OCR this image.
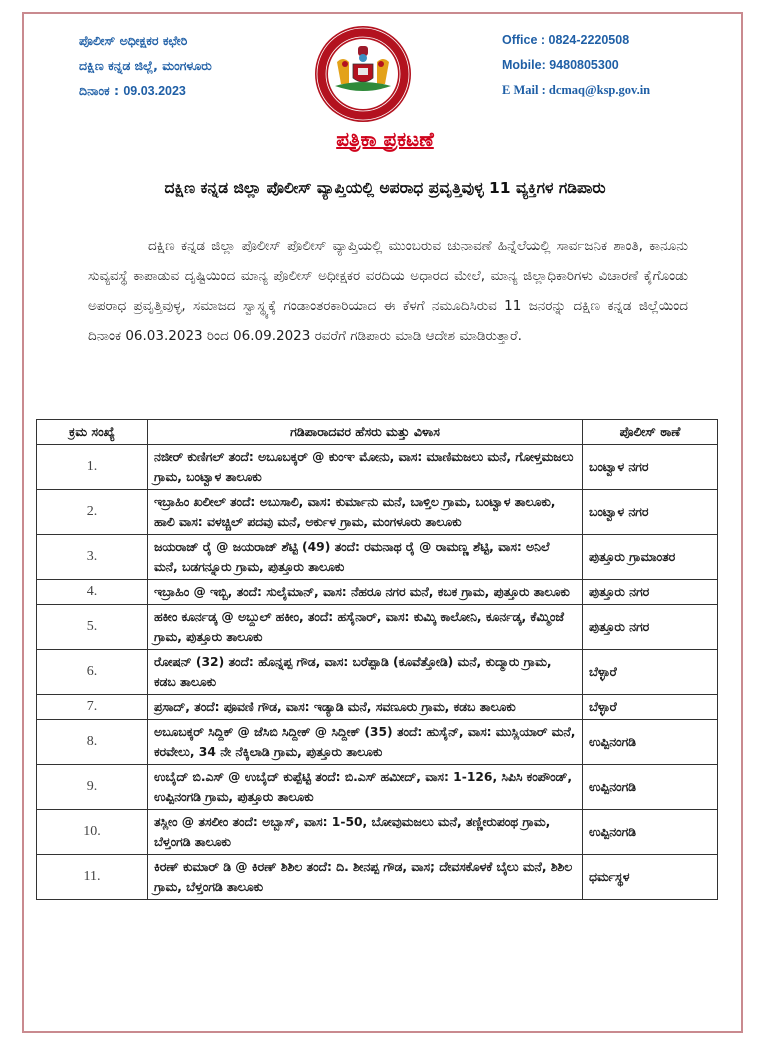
ಪೊಲೀಸ್ ಅಧೀಕ್ಷಕರ ಕಛೇರಿ
ದಕ್ಷಿಣ ಕನ್ನಡ ಜಿಲ್ಲೆ, ಮಂಗಳೂರು
ದಿನಾಂಕ : 09.03.2023
Office : 0824-2220508
Mobile: 9480805300
E Mail : dcmaq@ksp.gov.in
ಪತ್ರಿಕಾ ಪ್ರಕಟಣೆ
ದಕ್ಷಿಣ ಕನ್ನಡ ಜಿಲ್ಲಾ ಪೊಲೀಸ್ ವ್ಯಾಪ್ತಿಯಲ್ಲಿ ಅಪರಾಧ ಪ್ರವೃತ್ತಿವುಳ್ಳ 11 ವ್ಯಕ್ತಿಗಳ ಗಡಿಪಾರು
ದಕ್ಷಿಣ ಕನ್ನಡ ಜಿಲ್ಲಾ ಪೊಲೀಸ್ ಪೊಲೀಸ್ ವ್ಯಾಪ್ತಿಯಲ್ಲಿ ಮುಂಬರುವ ಚುನಾವಣೆ ಹಿನ್ನೆಲೆಯಲ್ಲಿ ಸಾರ್ವಜನಿಕ ಶಾಂತಿ, ಕಾನೂನು ಸುವ್ಯವಸ್ಥೆ ಕಾಪಾಡುವ ದೃಷ್ಟಿಯಿಂದ ಮಾನ್ಯ ಪೊಲೀಸ್ ಅಧೀಕ್ಷಕರ ವರದಿಯ ಅಧಾರದ ಮೇಲೆ, ಮಾನ್ಯ ಜಿಲ್ಲಾಧಿಕಾರಿಗಳು ವಿಚಾರಣೆ ಕೈಗೊಂಡು ಅಪರಾಧ ಪ್ರವೃತ್ತಿವುಳ್ಳ, ಸಮಾಜದ ಸ್ವಾಸ್ಥ್ಯಕ್ಕೆ ಗಂಡಾಂತರಕಾರಿಯಾದ ಈ ಕೆಳಗೆ ನಮೂದಿಸಿರುವ 11 ಜನರನ್ನು ದಕ್ಷಿಣ ಕನ್ನಡ ಜಿಲ್ಲೆಯಿಂದ ದಿನಾಂಕ 06.03.2023 ರಿಂದ 06.09.2023 ರವರೆಗೆ ಗಡಿಪಾರು ಮಾಡಿ ಆದೇಶ ಮಾಡಿರುತ್ತಾರೆ.
ಕ್ರಮ ಸಂಖ್ಯೆ	ಗಡಿಪಾರಾದವರ ಹೆಸರು ಮತ್ತು ವಿಳಾಸ	ಪೊಲೀಸ್ ಠಾಣೆ
1.	ನಜೀರ್ ಕುಣಿಗಲ್ ತಂದೆ: ಅಬೂಬಕ್ಕರ್ @ ಕುಂಞ ಮೋನು, ವಾಸ: ಮಾಣಿಮಜಲು ಮನೆ, ಗೋಳ್ತಮಜಲು ಗ್ರಾಮ, ಬಂಟ್ವಾಳ ತಾಲೂಕು	ಬಂಟ್ವಾಳ ನಗರ
2.	ಇಬ್ರಾಹಿಂ ಖಲೀಲ್ ತಂದೆ: ಅಬುಸಾಲಿ, ವಾಸ: ಕುರ್ಮಾನು ಮನೆ, ಬಾಳ್ತಿಲ ಗ್ರಾಮ, ಬಂಟ್ವಾಳ ತಾಲೂಕು, ಹಾಲಿ ವಾಸ: ವಳಚ್ಚಿಲ್ ಪದವು ಮನೆ, ಅರ್ಕುಳ ಗ್ರಾಮ, ಮಂಗಳೂರು ತಾಲೂಕು	ಬಂಟ್ವಾಳ ನಗರ
3.	ಜಯರಾಜ್ ರೈ @ ಜಯರಾಜ್ ಶೆಟ್ಟಿ (49) ತಂದೆ: ರಮನಾಥ ರೈ @ ರಾಮಣ್ಣ ಶೆಟ್ಟಿ, ವಾಸ: ಅನಿಲೆ ಮನೆ, ಬಡಗನ್ನೂರು ಗ್ರಾಮ, ಪುತ್ತೂರು ತಾಲೂಕು	ಪುತ್ತೂರು ಗ್ರಾಮಾಂತರ
4.	ಇಬ್ರಾಹಿಂ @ ಇಬ್ಬಿ, ತಂದೆ: ಸುಲೈಮಾನ್, ವಾಸ: ನೆಹರೂ ನಗರ ಮನೆ, ಕಬಕ ಗ್ರಾಮ, ಪುತ್ತೂರು ತಾಲೂಕು	ಪುತ್ತೂರು ನಗರ
5.	ಹಕೀಂ ಕೂರ್ನಡ್ಕ @ ಅಬ್ದುಲ್ ಹಕೀಂ, ತಂದೆ: ಹಸೈನಾರ್, ವಾಸ: ಕುಮ್ಕಿ ಕಾಲೋನಿ, ಕೂರ್ನಡ್ಕ, ಕೆಮ್ಮಿಂಜೆ ಗ್ರಾಮ, ಪುತ್ತೂರು ತಾಲೂಕು	ಪುತ್ತೂರು ನಗರ
6.	ರೋಷನ್ (32) ತಂದೆ: ಹೊನ್ನಪ್ಪ ಗೌಡ, ವಾಸ: ಬರೆಪ್ಪಾಡಿ (ಕೂವೆತ್ತೋಡಿ) ಮನೆ, ಕುದ್ಮಾರು ಗ್ರಾಮ, ಕಡಬ ತಾಲೂಕು	ಬೆಳ್ಳಾರೆ
7.	ಪ್ರಸಾದ್, ತಂದೆ: ಪೂವಣಿ ಗೌಡ, ವಾಸ: ಇಡ್ಯಾಡಿ ಮನೆ, ಸವಣೂರು ಗ್ರಾಮ, ಕಡಬ ತಾಲೂಕು	ಬೆಳ್ಳಾರೆ
8.	ಅಬೂಬಕ್ಕರ್ ಸಿದ್ದಿಕ್ @ ಜೆಸಿಬಿ ಸಿದ್ದೀಕ್ @ ಸಿದ್ದೀಕ್ (35) ತಂದೆ: ಹುಸೈನ್, ವಾಸ: ಮುಸ್ಲಿಯಾರ್ ಮನೆ, ಕರವೇಲು, 34 ನೇ ನೆಕ್ಕಿಲಾಡಿ ಗ್ರಾಮ, ಪುತ್ತೂರು ತಾಲೂಕು	ಉಪ್ಪಿನಂಗಡಿ
9.	ಉಬೈದ್ ಬಿ.ಎಸ್ @ ಉಬೈದ್ ಕುಪ್ಪೆಟ್ಟಿ ತಂದೆ: ಬಿ.ಎಸ್ ಹಮೀದ್, ವಾಸ: 1-126, ಸಿಪಿಸಿ ಕಂಪೌಂಡ್, ಉಪ್ಪಿನಂಗಡಿ ಗ್ರಾಮ, ಪುತ್ತೂರು ತಾಲೂಕು	ಉಪ್ಪಿನಂಗಡಿ
10.	ತಸ್ಲೀಂ @ ತಸಲೀಂ ತಂದೆ: ಅಬ್ಬಾಸ್, ವಾಸ: 1-50, ಬೋವುಮಜಲು ಮನೆ, ತಣ್ಣೀರುಪಂಥ ಗ್ರಾಮ, ಬೆಳ್ತಂಗಡಿ ತಾಲೂಕು	ಉಪ್ಪಿನಂಗಡಿ
11.	ಕಿರಣ್ ಕುಮಾರ್ ಡಿ @ ಕಿರಣ್ ಶಿಶಿಲ ತಂದೆ: ದಿ. ಶೀನಪ್ಪ ಗೌಡ, ವಾಸ; ದೇವಸಕೊಳಕೆ ಬೈಲು ಮನೆ, ಶಿಶಿಲ ಗ್ರಾಮ, ಬೆಳ್ತಂಗಡಿ ತಾಲೂಕು	ಧರ್ಮಸ್ಥಳ
